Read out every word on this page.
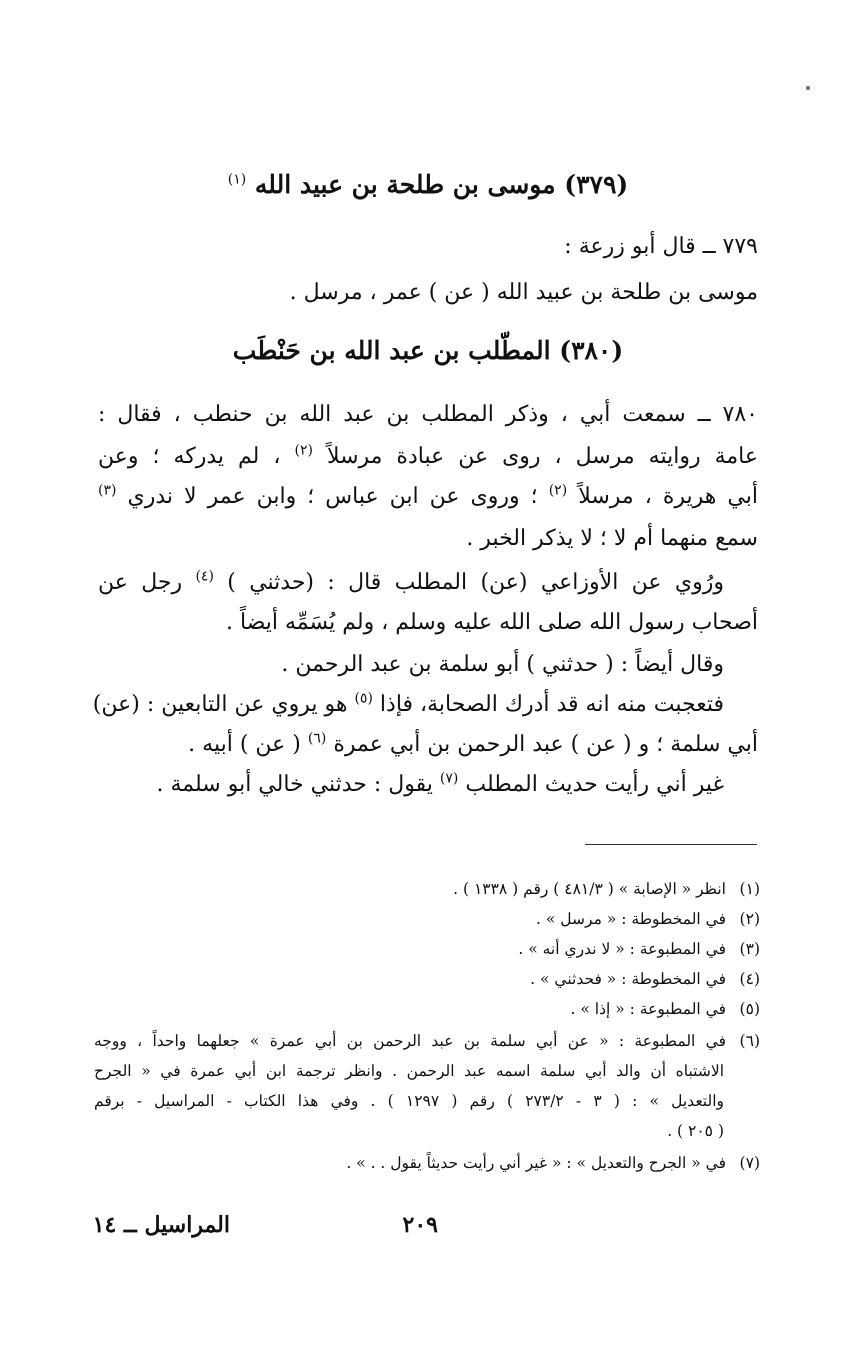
(٣٧٩) موسى بن طلحة بن عبيد الله $^{(١)}$
٧٧٩ ــ قال أبو زرعة :
موسى بن طلحة بن عبيد الله ( عن ) عمر ، مرسل .
(٣٨٠) المطّلب بن عبد الله بن حَنْطَب
٧٨٠ ــ سمعت أبي ، وذكر المطلب بن عبد الله بن حنطب ، فقال :
عامة روايته مرسل ، روى عن عبادة مرسلاً $^{(٢)}$ ، لم يدركه ؛ وعن
أبي هريرة ، مرسلاً $^{(٢)}$ ؛ وروى عن ابن عباس ؛ وابن عمر لا ندري $^{(٣)}$
سمع منهما أم لا ؛ لا يذكر الخبر .
ورُوي عن الأوزاعي (عن) المطلب قال : (حدثني ) $^{(٤)}$ رجل عن
أصحاب رسول الله صلى الله عليه وسلم ، ولم يُسَمِّه أيضاً .
وقال أيضاً : ( حدثني ) أبو سلمة بن عبد الرحمن .
فتعجبت منه انه قد أدرك الصحابة، فإذا $^{(٥)}$ هو يروي عن التابعين : (عن)
أبي سلمة ؛ و ( عن ) عبد الرحمن بن أبي عمرة $^{(٦)}$ ( عن ) أبيه .
غير أني رأيت حديث المطلب $^{(٧)}$ يقول : حدثني خالي أبو سلمة .
(١)انظر « الإصابة » ( ٤٨١/٣ ) رقم ( ١٣٣٨ ) .
(٢)في المخطوطة : « مرسل » .
(٣)في المطبوعة : « لا ندري أنه » .
(٤)في المخطوطة : « فحدثني » .
(٥)في المطبوعة : « إذا » .
(٦)في المطبوعة : « عن أبي سلمة بن عبد الرحمن بن أبي عمرة » جعلهما واحداً ، ووجه
الاشتباه أن والد أبي سلمة اسمه عبد الرحمن . وانظر ترجمة ابن أبي عمرة في « الجرح
والتعديل » : ( ٣ - ٢٧٣/٢ ) رقم ( ١٢٩٧ ) . وفي هذا الكتاب - المراسيل - برقم
( ٢٠٥ ) .
(٧)في « الجرح والتعديل » : « غير أني رأيت حديثاً يقول . . » .
٢٠٩
المراسيل ــ ١٤
